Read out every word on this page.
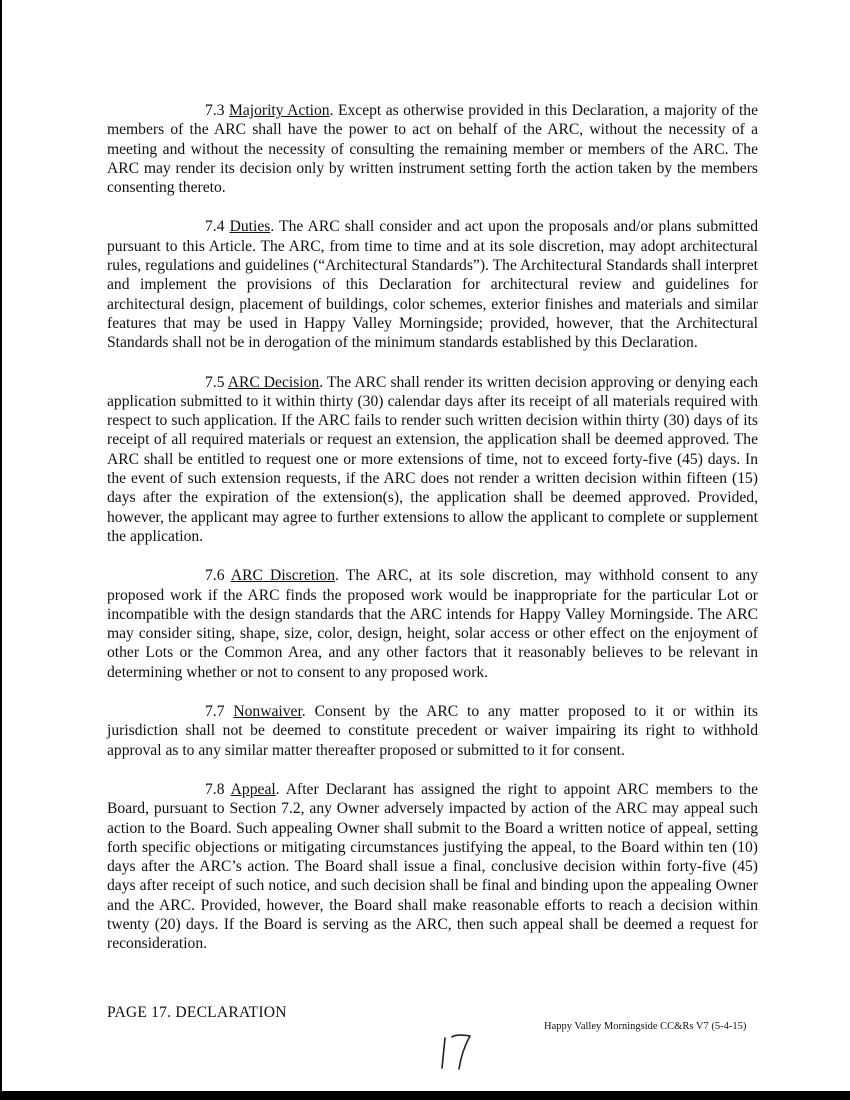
7.3 Majority Action. Except as otherwise provided in this Declaration, a majority of the members of the ARC shall have the power to act on behalf of the ARC, without the necessity of a meeting and without the necessity of consulting the remaining member or members of the ARC. The ARC may render its decision only by written instrument setting forth the action taken by the members consenting thereto.

7.4 Duties. The ARC shall consider and act upon the proposals and/or plans submitted pursuant to this Article. The ARC, from time to time and at its sole discretion, may adopt architectural rules, regulations and guidelines (“Architectural Standards”). The Architectural Standards shall interpret and implement the provisions of this Declaration for architectural review and guidelines for architectural design, placement of buildings, color schemes, exterior finishes and materials and similar features that may be used in Happy Valley Morningside; provided, however, that the Architectural Standards shall not be in derogation of the minimum standards established by this Declaration.

7.5 ARC Decision. The ARC shall render its written decision approving or denying each application submitted to it within thirty (30) calendar days after its receipt of all materials required with respect to such application. If the ARC fails to render such written decision within thirty (30) days of its receipt of all required materials or request an extension, the application shall be deemed approved. The ARC shall be entitled to request one or more extensions of time, not to exceed forty-five (45) days. In the event of such extension requests, if the ARC does not render a written decision within fifteen (15) days after the expiration of the extension(s), the application shall be deemed approved. Provided, however, the applicant may agree to further extensions to allow the applicant to complete or supplement the application.

7.6 ARC Discretion. The ARC, at its sole discretion, may withhold consent to any proposed work if the ARC finds the proposed work would be inappropriate for the particular Lot or incompatible with the design standards that the ARC intends for Happy Valley Morningside. The ARC may consider siting, shape, size, color, design, height, solar access or other effect on the enjoyment of other Lots or the Common Area, and any other factors that it reasonably believes to be relevant in determining whether or not to consent to any proposed work.

7.7 Nonwaiver. Consent by the ARC to any matter proposed to it or within its jurisdiction shall not be deemed to constitute precedent or waiver impairing its right to withhold approval as to any similar matter thereafter proposed or submitted to it for consent.

7.8 Appeal. After Declarant has assigned the right to appoint ARC members to the Board, pursuant to Section 7.2, any Owner adversely impacted by action of the ARC may appeal such action to the Board. Such appealing Owner shall submit to the Board a written notice of appeal, setting forth specific objections or mitigating circumstances justifying the appeal, to the Board within ten (10) days after the ARC’s action. The Board shall issue a final, conclusive decision within forty-five (45) days after receipt of such notice, and such decision shall be final and binding upon the appealing Owner and the ARC. Provided, however, the Board shall make reasonable efforts to reach a decision within twenty (20) days. If the Board is serving as the ARC, then such appeal shall be deemed a request for reconsideration.

PAGE 17. DECLARATION
Happy Valley Morningside CC&Rs V7 (5-4-15)
